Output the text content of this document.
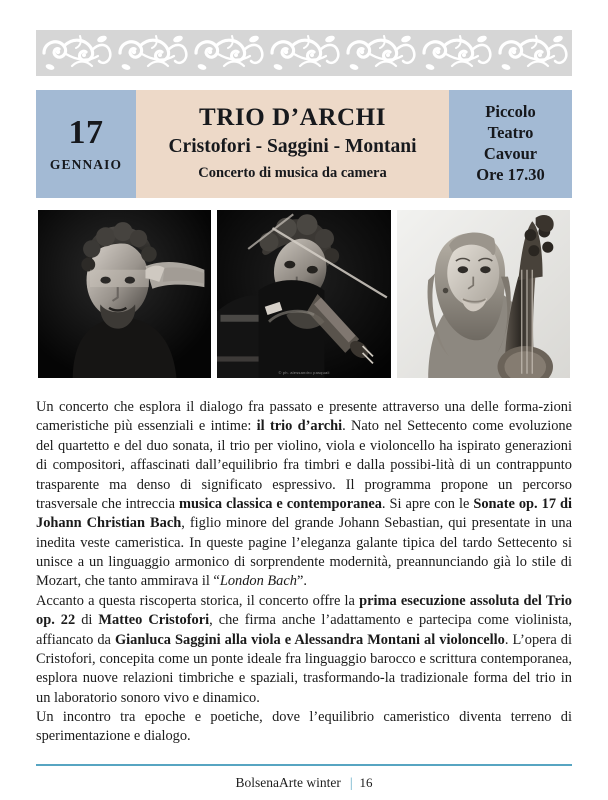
17
GENNAIO
TRIO D’ARCHI
Cristofori - Saggini - Montani
Concerto di musica da camera
Piccolo
Teatro
Cavour
Ore 17.30
© ph. alessandro pasquali

Un concerto che esplora il dialogo fra passato e presente attraverso una delle forma-zioni cameristiche più essenziali e intime: il trio d’archi. Nato nel Settecento come evoluzione del quartetto e del duo sonata, il trio per violino, viola e violoncello ha ispirato generazioni di compositori, affascinati dall’equilibrio fra timbri e dalla possibi-lità di un contrappunto trasparente ma denso di significato espressivo. Il programma propone un percorso trasversale che intreccia musica classica e contemporanea. Si apre con le Sonate op. 17 di Johann Christian Bach, figlio minore del grande Johann Sebastian, qui presentate in una inedita veste cameristica. In queste pagine l’eleganza galante tipica del tardo Settecento si unisce a un linguaggio armonico di sorprendente modernità, preannunciando già lo stile di Mozart, che tanto ammirava il “London Bach”.

Accanto a questa riscoperta storica, il concerto offre la prima esecuzione assoluta del Trio op. 22 di Matteo Cristofori, che firma anche l’adattamento e partecipa come violinista, affiancato da Gianluca Saggini alla viola e Alessandra Montani al violoncello. L’opera di Cristofori, concepita come un ponte ideale fra linguaggio barocco e scrittura contemporanea, esplora nuove relazioni timbriche e spaziali, trasformando-la tradizionale forma del trio in un laboratorio sonoro vivo e dinamico.

Un incontro tra epoche e poetiche, dove l’equilibrio cameristico diventa terreno di sperimentazione e dialogo.

BolsenaArte winter | 16
